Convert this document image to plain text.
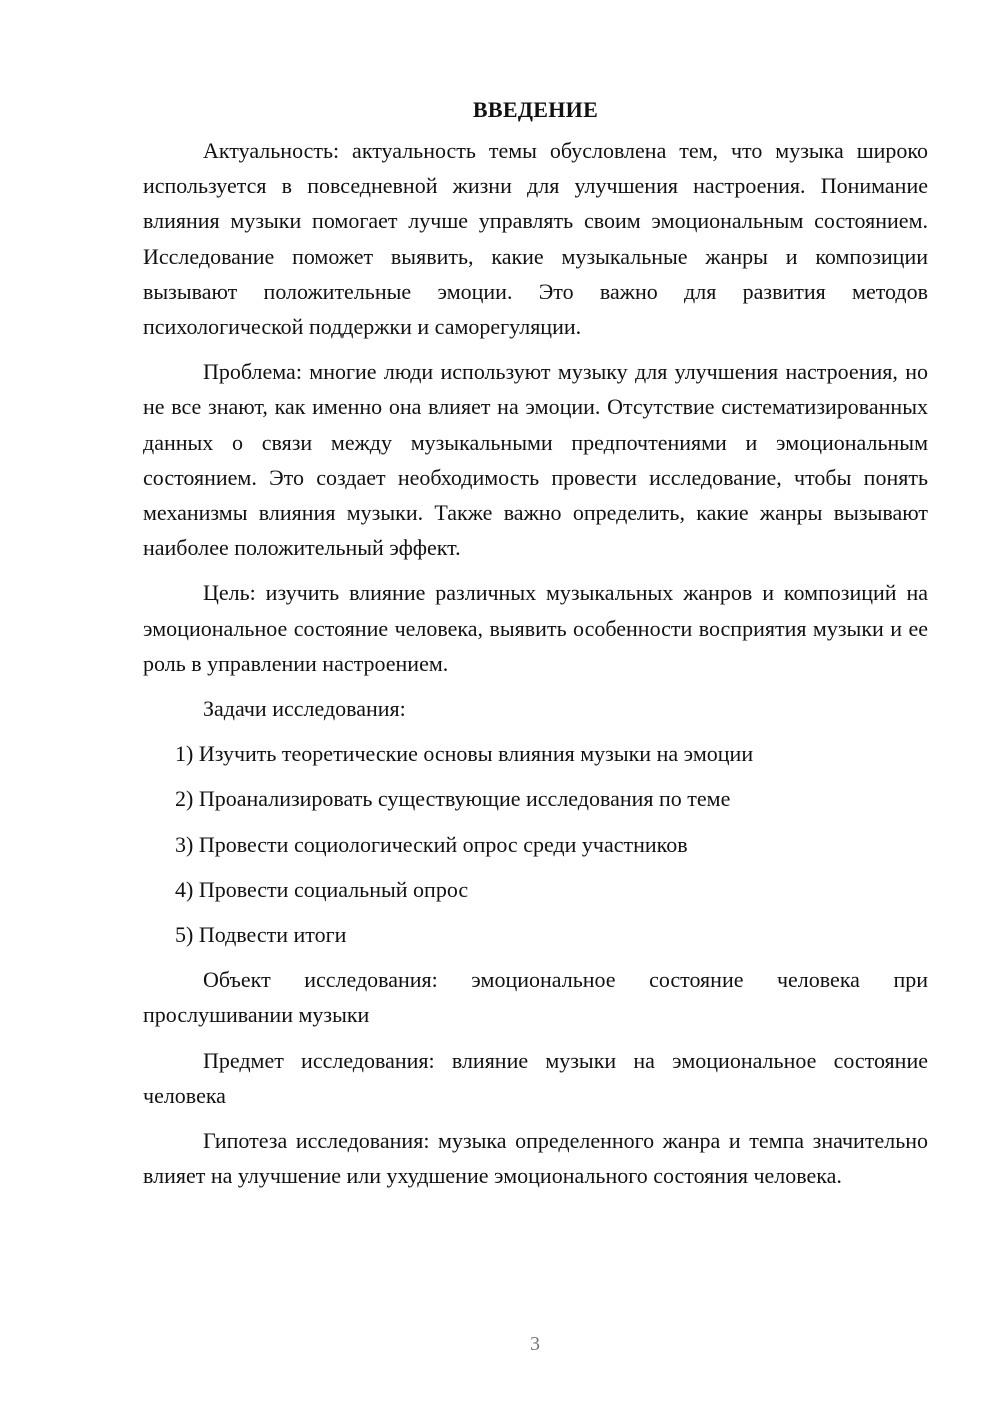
ВВЕДЕНИЕ

Актуальность: актуальность темы обусловлена тем, что музыка широко используется в повседневной жизни для улучшения настроения. Понимание влияния музыки помогает лучше управлять своим эмоциональным состоянием. Исследование поможет выявить, какие музыкальные жанры и композиции вызывают положительные эмоции. Это важно для развития методов психологической поддержки и саморегуляции.

Проблема: многие люди используют музыку для улучшения настроения, но не все знают, как именно она влияет на эмоции. Отсутствие систематизированных данных о связи между музыкальными предпочтениями и эмоциональным состоянием. Это создает необходимость провести исследование, чтобы понять механизмы влияния музыки. Также важно определить, какие жанры вызывают наиболее положительный эффект.

Цель: изучить влияние различных музыкальных жанров и композиций на эмоциональное состояние человека, выявить особенности восприятия музыки и ее роль в управлении настроением.

Задачи исследования:

1) Изучить теоретические основы влияния музыки на эмоции
2) Проанализировать существующие исследования по теме
3) Провести социологический опрос среди участников
4) Провести социальный опрос
5) Подвести итоги

Объект исследования: эмоциональное состояние человека при прослушивании музыки

Предмет исследования: влияние музыки на эмоциональное состояние человека

Гипотеза исследования: музыка определенного жанра и темпа значительно влияет на улучшение или ухудшение эмоционального состояния человека.

3
